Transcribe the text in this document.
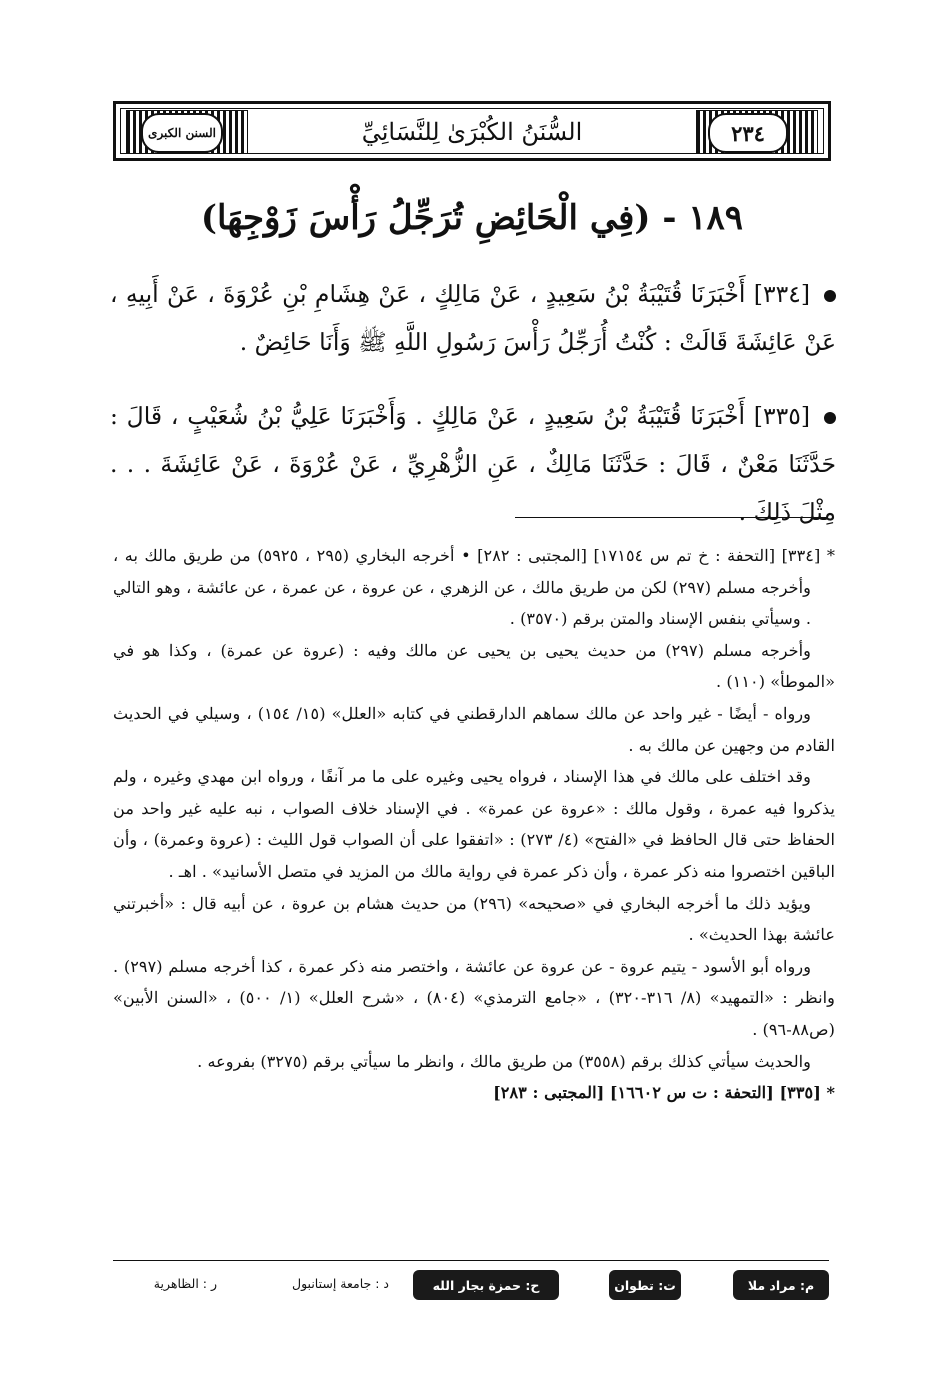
٢٣٤
السنن الكبرى	السُّنَنُ الكُبْرَىٰ لِلنَّسَائِيِّ
١٨٩ - (فِي الْحَائِضِ تُرَجِّلُ رَأْسَ زَوْجِهَا)
[٣٣٤] أَخْبَرَنَا قُتَيْبَةُ بْنُ سَعِيدٍ ، عَنْ مَالِكٍ ، عَنْ هِشَامِ بْنِ عُرْوَةَ ، عَنْ أَبِيهِ ، عَنْ عَائِشَةَ قَالَتْ : كُنْتُ أُرَجِّلُ رَأْسَ رَسُولِ اللَّهِ ﷺ وَأَنَا حَائِضٌ .
[٣٣٥] أَخْبَرَنَا قُتَيْبَةُ بْنُ سَعِيدٍ ، عَنْ مَالِكٍ . وَأَخْبَرَنَا عَلِيُّ بْنُ شُعَيْبٍ ، قَالَ : حَدَّثَنَا مَعْنٌ ، قَالَ : حَدَّثَنَا مَالِكٌ ، عَنِ الزُّهْرِيِّ ، عَنْ عُرْوَةَ ، عَنْ عَائِشَةَ . . . مِثْلَ ذَلِكَ .

* [٣٣٤] [التحفة : خ تم س ١٧١٥٤] [المجتبى : ٢٨٢] • أخرجه البخاري (٢٩٥ ، ٥٩٢٥) من طريق مالك به ، وأخرجه مسلم (٢٩٧) لكن من طريق مالك ، عن الزهري ، عن عروة ، عن عمرة ، عن عائشة ، وهو التالي . وسيأتي بنفس الإسناد والمتن برقم (٣٥٧٠) .

وأخرجه مسلم (٢٩٧) من حديث يحيى بن يحيى عن مالك وفيه : (عروة عن عمرة) ، وكذا هو في «الموطأ» (١١٠) .

ورواه - أيضًا - غير واحد عن مالك سماهم الدارقطني في كتابه «العلل» (١٥/ ١٥٤) ، وسيلي في الحديث القادم من وجهين عن مالك به .

وقد اختلف على مالك في هذا الإسناد ، فرواه يحيى وغيره على ما مر آنفًا ، ورواه ابن مهدي وغيره ، ولم يذكروا فيه عمرة ، وقول مالك : «عروة عن عمرة» . في الإسناد خلاف الصواب ، نبه عليه غير واحد من الحفاظ حتى قال الحافظ في «الفتح» (٤/ ٢٧٣) : «اتفقوا على أن الصواب قول الليث : (عروة وعمرة) ، وأن الباقين اختصروا منه ذكر عمرة ، وأن ذكر عمرة في رواية مالك من المزيد في متصل الأسانيد» . اهـ .

ويؤيد ذلك ما أخرجه البخاري في «صحيحه» (٢٩٦) من حديث هشام بن عروة ، عن أبيه قال : «أخبرتني عائشة بهذا الحديث» .

ورواه أبو الأسود - يتيم عروة - عن عروة عن عائشة ، واختصر منه ذكر عمرة ، كذا أخرجه مسلم (٢٩٧) . وانظر : «التمهيد» (٨/ ٣١٦-٣٢٠) ، «جامع الترمذي» (٨٠٤) ، «شرح العلل» (١/ ٥٠٠) ، «السنن الأبين» (ص٨٨-٩٦) .

والحديث سيأتي كذلك برقم (٣٥٥٨) من طريق مالك ، وانظر ما سيأتي برقم (٣٢٧٥) بفروعه .

* [٣٣٥] [التحفة : ت س ١٦٦٠٢] [المجتبى : ٢٨٣]

م: مراد ملا
ت: تطوان
ح: حمزة بجار الله
د : جامعة إستانبول
ر : الظاهرية
